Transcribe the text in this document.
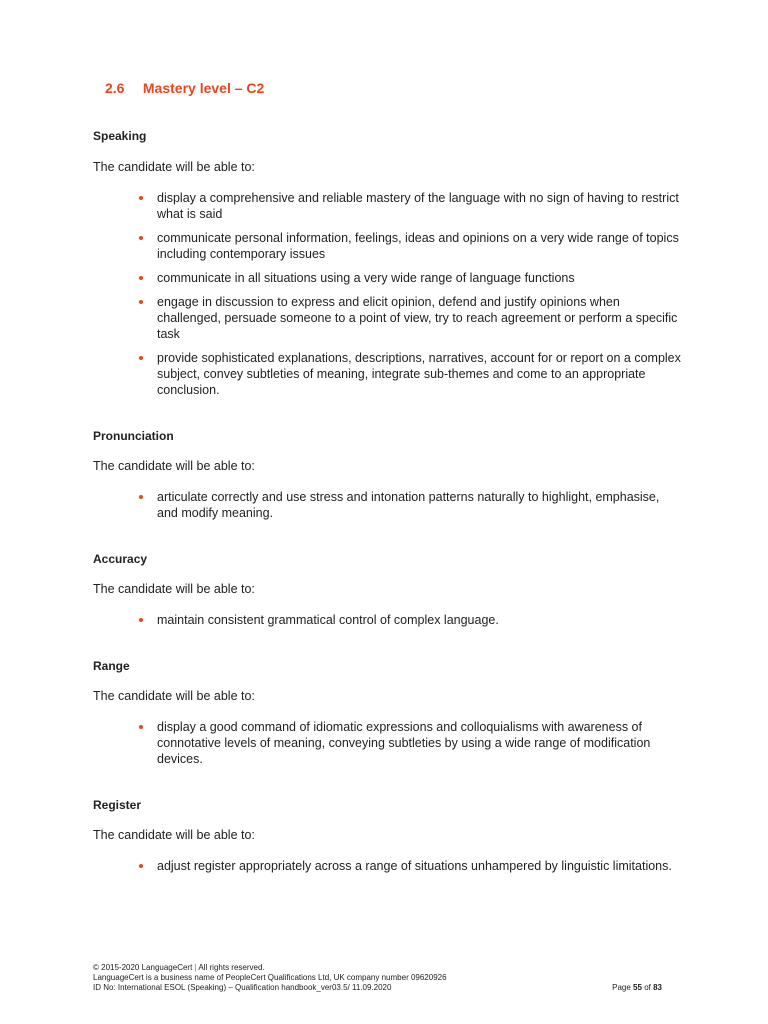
2.6 Mastery level – C2

Speaking

The candidate will be able to:

display a comprehensive and reliable mastery of the language with no sign of having to restrict what is said
communicate personal information, feelings, ideas and opinions on a very wide range of topics including contemporary issues
communicate in all situations using a very wide range of language functions
engage in discussion to express and elicit opinion, defend and justify opinions when challenged, persuade someone to a point of view, try to reach agreement or perform a specific task
provide sophisticated explanations, descriptions, narratives, account for or report on a complex subject, convey subtleties of meaning, integrate sub-themes and come to an appropriate conclusion.

Pronunciation

The candidate will be able to:

articulate correctly and use stress and intonation patterns naturally to highlight, emphasise, and modify meaning.

Accuracy

The candidate will be able to:

maintain consistent grammatical control of complex language.

Range

The candidate will be able to:

display a good command of idiomatic expressions and colloquialisms with awareness of connotative levels of meaning, conveying subtleties by using a wide range of modification devices.

Register

The candidate will be able to:

adjust register appropriately across a range of situations unhampered by linguistic limitations.
© 2015-2020 LanguageCert | All rights reserved.
LanguageCert is a business name of PeopleCert Qualifications Ltd, UK company number 09620926
ID No: International ESOL (Speaking) – Qualification handbook_ver03.5/ 11.09.2020	Page 55 of 83
